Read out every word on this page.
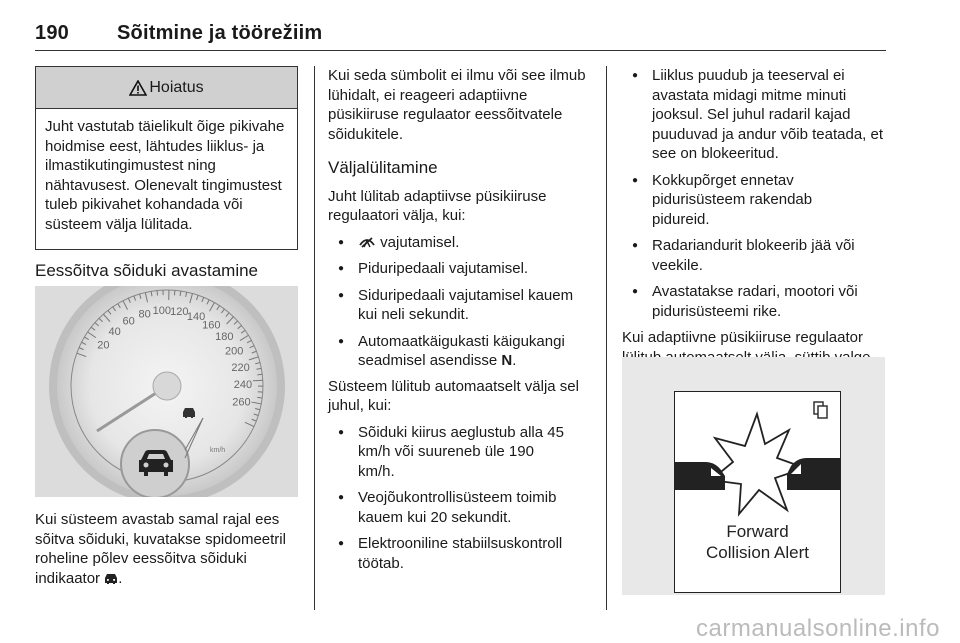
190 Sõitmine ja töörežiim
Hoiatus
Juht vastutab täielikult õige pikivahe hoidmise eest, lähtudes liiklus- ja ilmastikutingimustest ning nähtavusest. Olenevalt tingimustest tuleb pikivahet kohandada või süsteem välja lülitada.
Eessõitva sõiduki avastamine
20
40
60
80 100 120
140
160
180
200
220
240
260
km/h
Kui süsteem avastab samal rajal ees sõitva sõiduki, kuvatakse spidomeetril roheline põlev eessõitva sõiduki indikaator .

Kui seda sümbolit ei ilmu või see ilmub lühidalt, ei reageeri adaptiivne püsikiiruse regulaator eessõitvatele sõidukitele.

Väljalülitamine

Juht lülitab adaptiivse püsikiiruse regulaatori välja, kui:

● vajutamisel.
● Piduripedaali vajutamisel.
● Siduripedaali vajutamisel kauem kui neli sekundit.
● Automaatkäigukasti käigukangi seadmisel asendisse N.

Süsteem lülitub automaatselt välja sel juhul, kui:

● Sõiduki kiirus aeglustub alla 45 km/h või suureneb üle 190 km/h.
● Veojõukontrollisüsteem toimib kauem kui 20 sekundit.
● Elektrooniline stabiilsuskontroll töötab.
● Liiklus puudub ja teeserval ei avastata midagi mitme minuti jooksul. Sel juhul radaril kajad puuduvad ja andur võib teatada, et see on blokeeritud.
● Kokkupõrget ennetav pidurisüsteem rakendab pidureid.
● Radariandurit blokeerib jää või veekile.
● Avastatakse radari, mootori või pidurisüsteemi rike.

Kui adaptiivne püsikiiruse regulaator

Forward
Collision Alert
carmanualsonline.info
